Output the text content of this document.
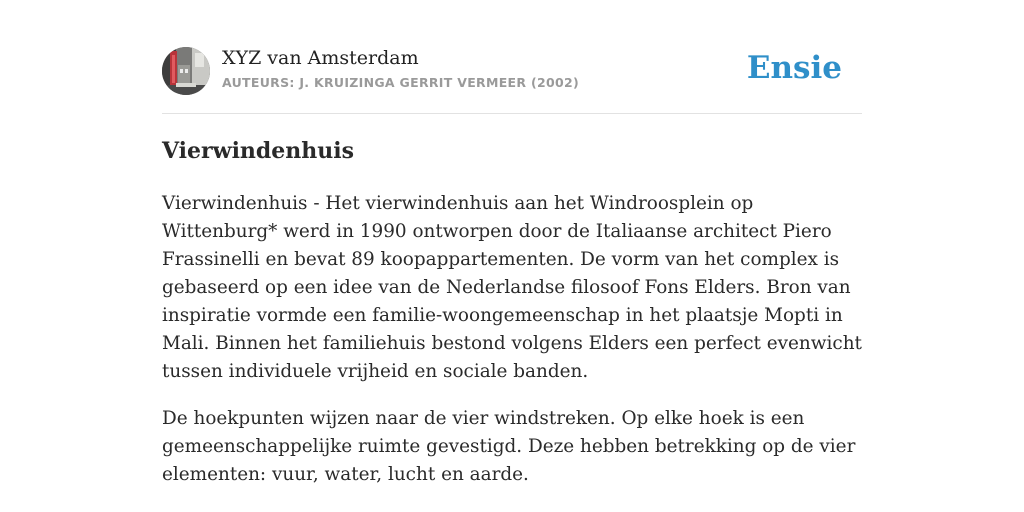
XYZ van Amsterdam
AUTEURS: J. KRUIZINGA GERRIT VERMEER (2002)	Ensie
Vierwindenhuis

Vierwindenhuis - Het vierwindenhuis aan het Windroosplein op Wittenburg* werd in 1990 ontworpen door de Italiaanse architect Piero Frassinelli en bevat 89 koopappartementen. De vorm van het complex is gebaseerd op een idee van de Nederlandse filosoof Fons Elders. Bron van inspiratie vormde een familie-woongemeenschap in het plaatsje Mopti in Mali. Binnen het familiehuis bestond volgens Elders een perfect evenwicht tussen individuele vrijheid en sociale banden.

De hoekpunten wijzen naar de vier windstreken. Op elke hoek is een gemeenschappelijke ruimte gevestigd. Deze hebben betrekking op de vier elementen: vuur, water, lucht en aarde.
